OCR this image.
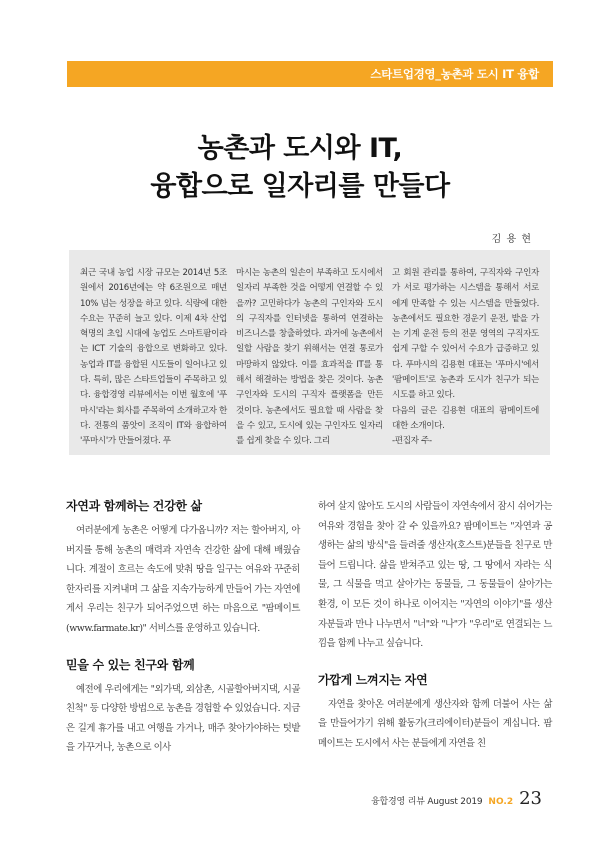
스타트업경영_농촌과 도시 IT 융합
농촌과 도시와 IT,
융합으로 일자리를 만들다
김 용 현

최근 국내 농업 시장 규모는 2014년 5조원에서 2016년에는 약 6조원으로 매년 10% 넘는 성장을 하고 있다. 식량에 대한 수요는 꾸준히 늘고 있다. 이제 4차 산업혁명의 초입 시대에 농업도 스마트팜이라는 ICT 기술의 융합으로 변화하고 있다. 농업과 IT를 융합된 시도들이 일어나고 있다. 특히, 많은 스타트업들이 주목하고 있다. 융합경영 리뷰에서는 이번 월호에 '푸마시'라는 회사를 주목하여 소개하고자 한다. 전통의 품앗이 조직이 IT와 융합하여 '푸마시'가 만들어졌다. 푸

마시는 농촌의 일손이 부족하고 도시에서 일자리 부족한 것을 어떻게 연결할 수 있을까? 고민하다가 농촌의 구인자와 도시의 구직자를 인터넷을 통하여 연결하는 비즈니스를 창출하였다. 과거에 농촌에서 일할 사람을 찾기 위해서는 연결 통로가 마땅하지 않았다. 이를 효과적을 IT를 통해서 해결하는 방법을 찾은 것이다. 농촌 구인자와 도시의 구직자 플랫폼을 만든 것이다. 농촌에서도 필요할 때 사람을 찾을 수 있고, 도시에 있는 구인자도 일자리를 쉽게 찾을 수 있다. 그리

고 회원 관리를 통하여, 구직자와 구인자가 서로 평가하는 시스템을 통해서 서로에게 만족할 수 있는 시스템을 만들었다. 농촌에서도 필요한 경운기 운전, 밭을 가는 기계 운전 등의 전문 영역의 구직자도 쉽게 구할 수 있어서 수요가 급증하고 있다. 푸마시의 김용현 대표는 '푸마시'에서 '팜메이트'로 농촌과 도시가 친구가 되는 시도를 하고 있다.

다음의 글은 김용현 대표의 팜메이트에 대한 소개이다.

-편집자 주-

자연과 함께하는 건강한 삶
여러분에게 농촌은 어떻게 다가옵니까? 저는 할아버지, 아버지를 통해 농촌의 매력과 자연속 건강한 삶에 대해 배웠습니다. 계절이 흐르는 속도에 맞춰 땅을 일구는 여유와 꾸준히 한자리를 지켜내며 그 삶을 지속가능하게 만들어 가는 자연에게서 우리는 친구가 되어주었으면 하는 마음으로 "팜메이트(www.farmate.kr)" 서비스를 운영하고 있습니다.
믿을 수 있는 친구와 함께
예전에 우리에게는 "외가댁, 외삼촌, 시골할아버지댁, 시골친척" 등 다양한 방법으로 농촌을 경험할 수 있었습니다. 지금은 길게 휴가를 내고 여행을 가거나, 매주 찾아가야하는 텃밭을 가꾸거나, 농촌으로 이사
하여 살지 않아도 도시의 사람들이 자연속에서 잠시 쉬어가는 여유와 경험을 찾아 갈 수 있을까요? 팜메이트는 "자연과 공생하는 삶의 방식"을 들려줄 생산자(호스트)분들을 친구로 만들어 드립니다. 삶을 받쳐주고 있는 땅, 그 땅에서 자라는 식물, 그 식물을 먹고 살아가는 동물들, 그 동물들이 살아가는 환경, 이 모든 것이 하나로 이어지는 "자연의 이야기"를 생산자분들과 만나 나누면서 "너"와 "나"가 "우리"로 연결되는 느낌을 함께 나누고 싶습니다.
가깝게 느껴지는 자연
자연을 찾아온 여러분에게 생산자와 함께 더불어 사는 삶을 만들어가기 위해 활동가(크리에이터)분들이 계십니다. 팜메이트는 도시에서 사는 분들에게 자연을 친
융합경영 리뷰 August 2019 NO.2 23
